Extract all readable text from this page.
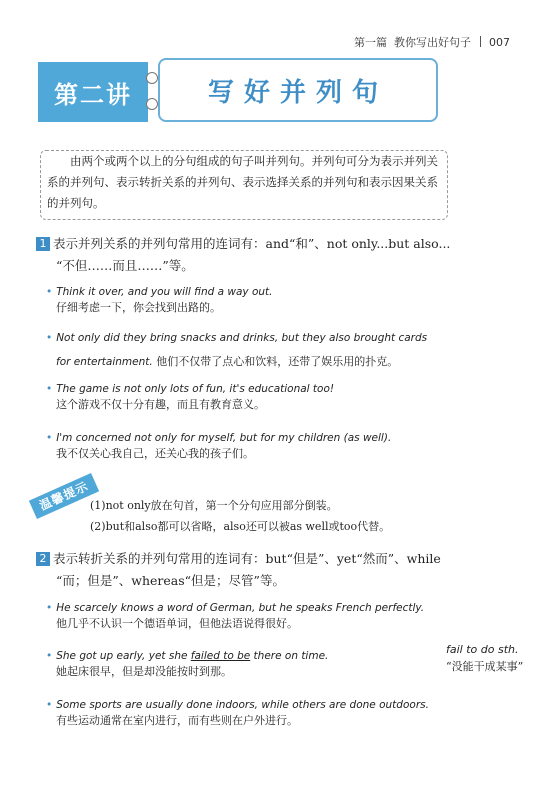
第一篇 教你写出好句子 007
第二讲	写好并列句
由两个或两个以上的分句组成的句子叫并列句。并列句可分为表示并列关系的并列句、表示转折关系的并列句、表示选择关系的并列句和表示因果关系的并列句。
1 表示并列关系的并列句常用的连词有：and“和”、not only...but also...
“不但……而且……”等。
• Think it over, and you will find a way out.
仔细考虑一下，你会找到出路的。
• Not only did they bring snacks and drinks, but they also brought cards
for entertainment. 他们不仅带了点心和饮料，还带了娱乐用的扑克。
• The game is not only lots of fun, it's educational too!
这个游戏不仅十分有趣，而且有教育意义。
• I'm concerned not only for myself, but for my children (as well).
我不仅关心我自己，还关心我的孩子们。
温馨提示 (1)not only放在句首，第一个分句应用部分倒装。
(2)but和also都可以省略，also还可以被as well或too代替。
2 表示转折关系的并列句常用的连词有：but“但是”、yet“然而”、while
“而；但是”、whereas“但是；尽管”等。
• He scarcely knows a word of German, but he speaks French perfectly.
他几乎不认识一个德语单词，但他法语说得很好。
• She got up early, yet she failed to be there on time.
她起床很早，但是却没能按时到那。
• Some sports are usually done indoors, while others are done outdoors.
有些运动通常在室内进行，而有些则在户外进行。
fail to do sth.
“没能干成某事”
